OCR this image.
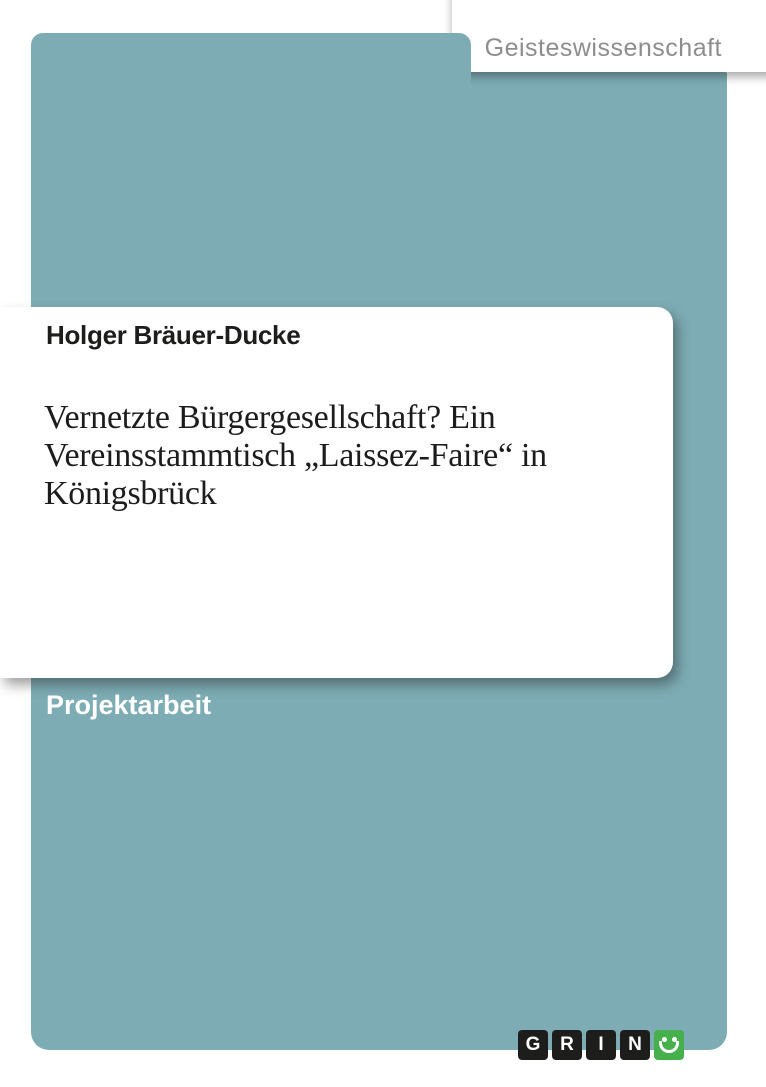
Geisteswissenschaft
Holger Bräuer-Ducke
Vernetzte Bürgergesellschaft? Ein
Vereinsstammtisch „Laissez-Faire“ in
Königsbrück
Projektarbeit
G	R	I	N
